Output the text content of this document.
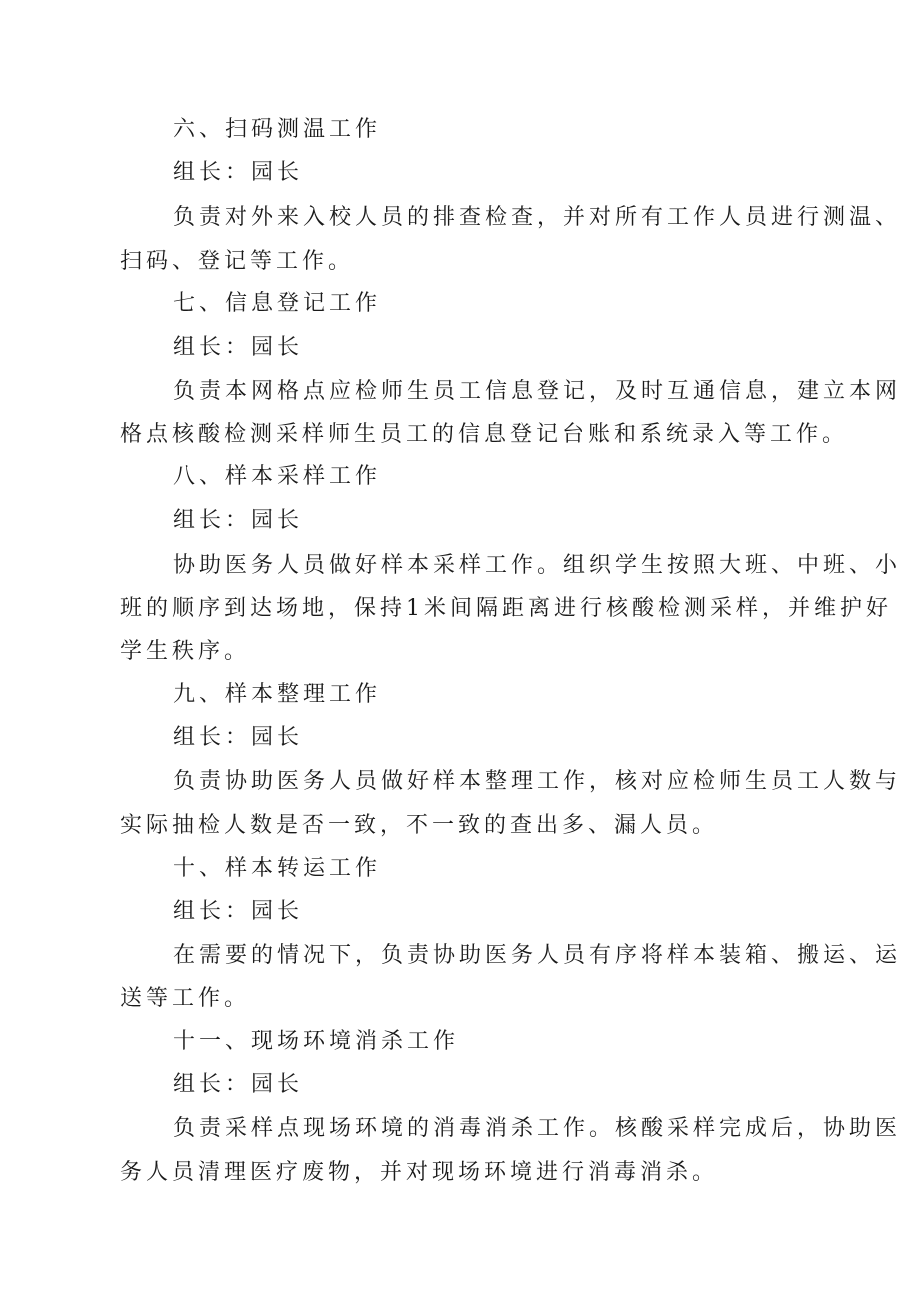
六、扫码测温工作
组长：园长
负责对外来入校人员的排查检查，并对所有工作人员进行测温、
扫码、登记等工作。
七、信息登记工作
组长：园长
负责本网格点应检师生员工信息登记，及时互通信息，建立本网
格点核酸检测采样师生员工的信息登记台账和系统录入等工作。
八、样本采样工作
组长：园长
协助医务人员做好样本采样工作。组织学生按照大班、中班、小
班的顺序到达场地，保持1米间隔距离进行核酸检测采样，并维护好
学生秩序。
九、样本整理工作
组长：园长
负责协助医务人员做好样本整理工作，核对应检师生员工人数与
实际抽检人数是否一致，不一致的查出多、漏人员。
十、样本转运工作
组长：园长
在需要的情况下，负责协助医务人员有序将样本装箱、搬运、运
送等工作。
十一、现场环境消杀工作
组长：园长
负责采样点现场环境的消毒消杀工作。核酸采样完成后，协助医
务人员清理医疗废物，并对现场环境进行消毒消杀。
